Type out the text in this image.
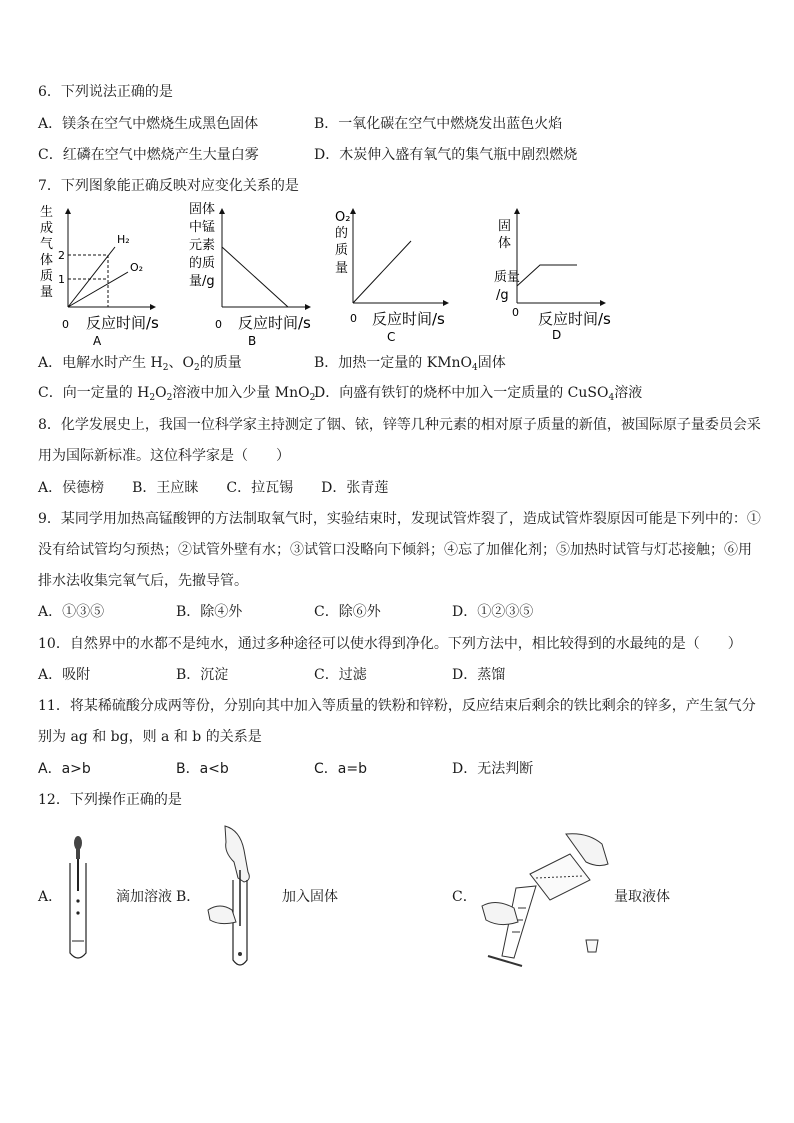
6．下列说法正确的是
A．镁条在空气中燃烧生成黑色固体	B．一氧化碳在空气中燃烧发出蓝色火焰
C．红磷在空气中燃烧产生大量白雾	D．木炭伸入盛有氧气的集气瓶中剧烈燃烧
7．下列图象能正确反映对应变化关系的是
生
成
气
体
质
量
2
1
H₂
O₂
0 反应时间/s
A
固体
中锰
元素
的质
量/g
0 反应时间/s
B
O₂
的
质
量
0 反应时间/s
C
固
体
质量
/g
0 反应时间/s
D
A．电解水时产生 $H_2$、$O_2$的质量	B．加热一定量的 KMnO$_4$固体
C．向一定量的 $H_2O_2$溶液中加入少量 MnO$_2$
D．向盛有铁钉的烧杯中加入一定质量的 CuSO$_4$溶液
8．化学发展史上，我国一位科学家主持测定了铟、铱，锌等几种元素的相对原子质量的新值，被国际原子量委员会采
用为国际新标准。这位科学家是（　　）
A．侯德榜　　B．王应睐　　C．拉瓦锡　　D．张青莲
9．某同学用加热高锰酸钾的方法制取氧气时，实验结束时，发现试管炸裂了，造成试管炸裂原因可能是下列中的：①
没有给试管均匀预热；②试管外壁有水；③试管口没略向下倾斜；④忘了加催化剂；⑤加热时试管与灯芯接触；⑥用
排水法收集完氧气后，先撤导管。
A．①③⑤	B．除④外	C．除⑥外	D．①②③⑤
10．自然界中的水都不是纯水，通过多种途径可以使水得到净化。下列方法中，相比较得到的水最纯的是（　　）
A．吸附	B．沉淀	C．过滤	D．蒸馏
11．将某稀硫酸分成两等份，分别向其中加入等质量的铁粉和锌粉，反应结束后剩余的铁比剩余的锌多，产生氢气分
别为 ag 和 bg，则 a 和 b 的关系是
A．a>b	B．a<b	C．a=b	D．无法判断
12．下列操作正确的是
A．	滴加溶液 B．	加入固体	C．	量取液体
